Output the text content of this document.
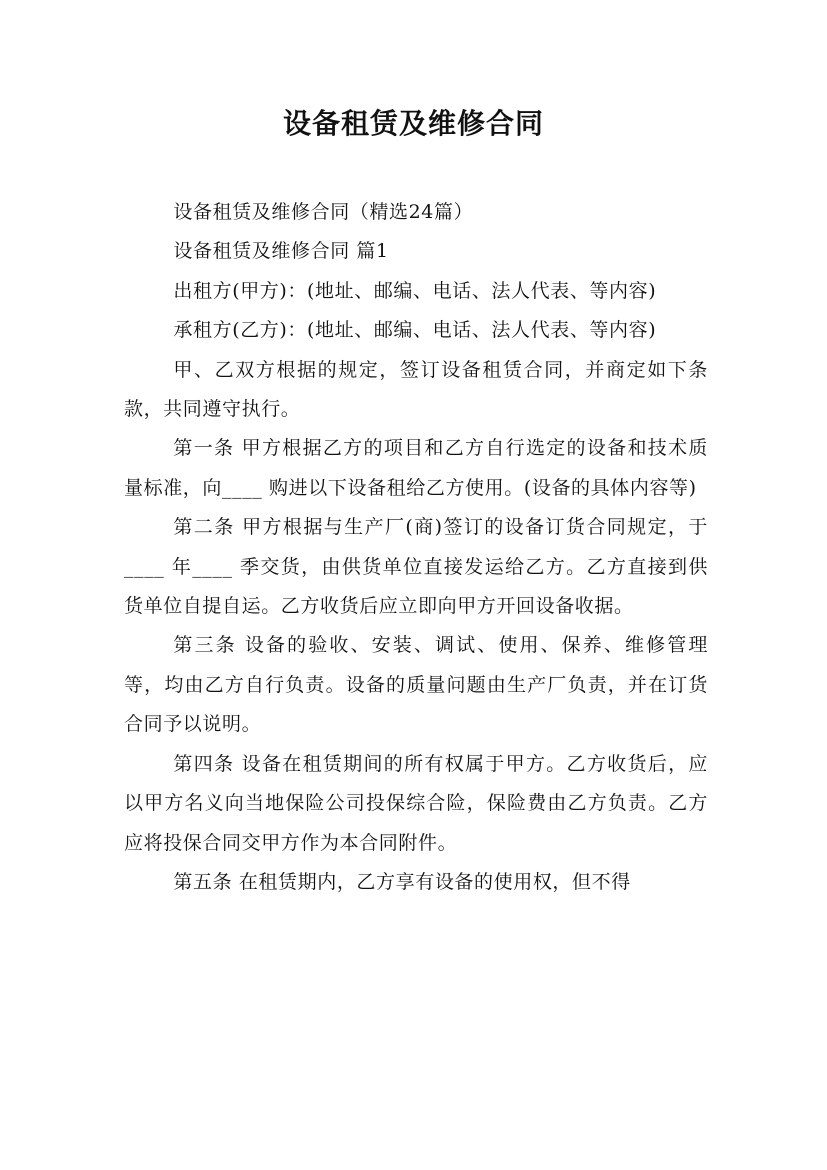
设备租赁及维修合同

设备租赁及维修合同（精选24篇）

设备租赁及维修合同 篇1

出租方(甲方)：(地址、邮编、电话、法人代表、等内容)

承租方(乙方)：(地址、邮编、电话、法人代表、等内容)

甲、乙双方根据的规定，签订设备租赁合同，并商定如下条款，共同遵守执行。

第一条 甲方根据乙方的项目和乙方自行选定的设备和技术质量标准，向____ 购进以下设备租给乙方使用。(设备的具体内容等)

第二条 甲方根据与生产厂(商)签订的设备订货合同规定，于____ 年____ 季交货，由供货单位直接发运给乙方。乙方直接到供货单位自提自运。乙方收货后应立即向甲方开回设备收据。

第三条 设备的验收、安装、调试、使用、保养、维修管理等，均由乙方自行负责。设备的质量问题由生产厂负责，并在订货合同予以说明。

第四条 设备在租赁期间的所有权属于甲方。乙方收货后，应以甲方名义向当地保险公司投保综合险，保险费由乙方负责。乙方应将投保合同交甲方作为本合同附件。

第五条 在租赁期内，乙方享有设备的使用权，但不得
